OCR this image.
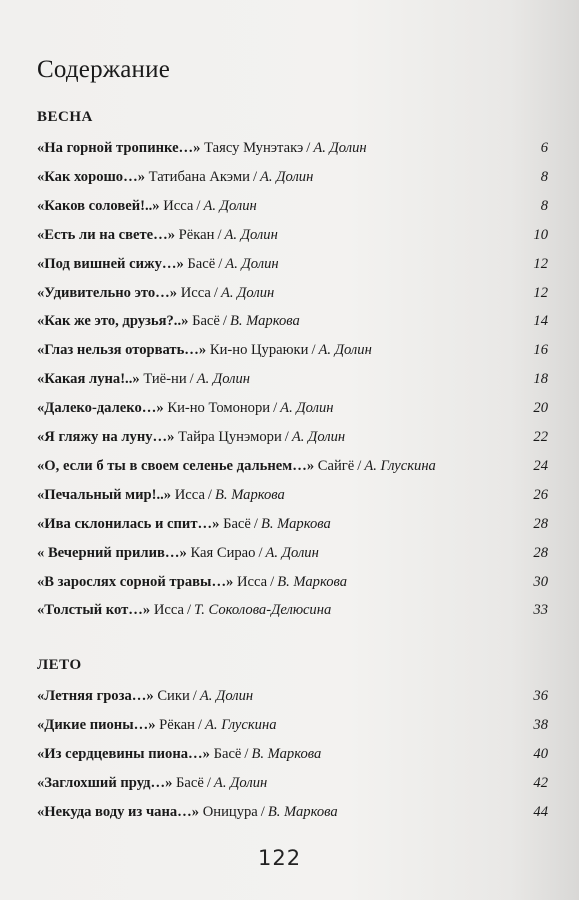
Содержание
ВЕСНА
«На горной тропинке…» Таясу Мунэтакэ / А. Долин	6
«Как хорошо…» Татибана Акэми / А. Долин	8
«Каков соловей!..» Исса / А. Долин	8
«Есть ли на свете…» Рёкан / А. Долин	10
«Под вишней сижу…» Басё / А. Долин	12
«Удивительно это…» Исса / А. Долин	12
«Как же это, друзья?..» Басё / В. Маркова	14
«Глаз нельзя оторвать…» Ки-но Цураюки / А. Долин	16
«Какая луна!..» Тиё-ни / А. Долин	18
«Далеко-далеко…» Ки-но Томонори / А. Долин	20
«Я гляжу на луну…» Тайра Цунэмори / А. Долин	22
«О, если б ты в своем селенье дальнем…» Сайгё / А. Глускина	24
«Печальный мир!..» Исса / В. Маркова	26
«Ива склонилась и спит…» Басё / В. Маркова	28
« Вечерний прилив…» Кая Сирао / А. Долин	28
«В зарослях сорной травы…» Исса / В. Маркова	30
«Толстый кот…» Исса / Т. Соколова-Делюсина	33
ЛЕТО
«Летняя гроза…» Сики / А. Долин	36
«Дикие пионы…» Рёкан / А. Глускина	38
«Из сердцевины пиона…» Басё / В. Маркова	40
«Заглохший пруд…» Басё / А. Долин	42
«Некуда воду из чана…» Оницура / В. Маркова	44
122
